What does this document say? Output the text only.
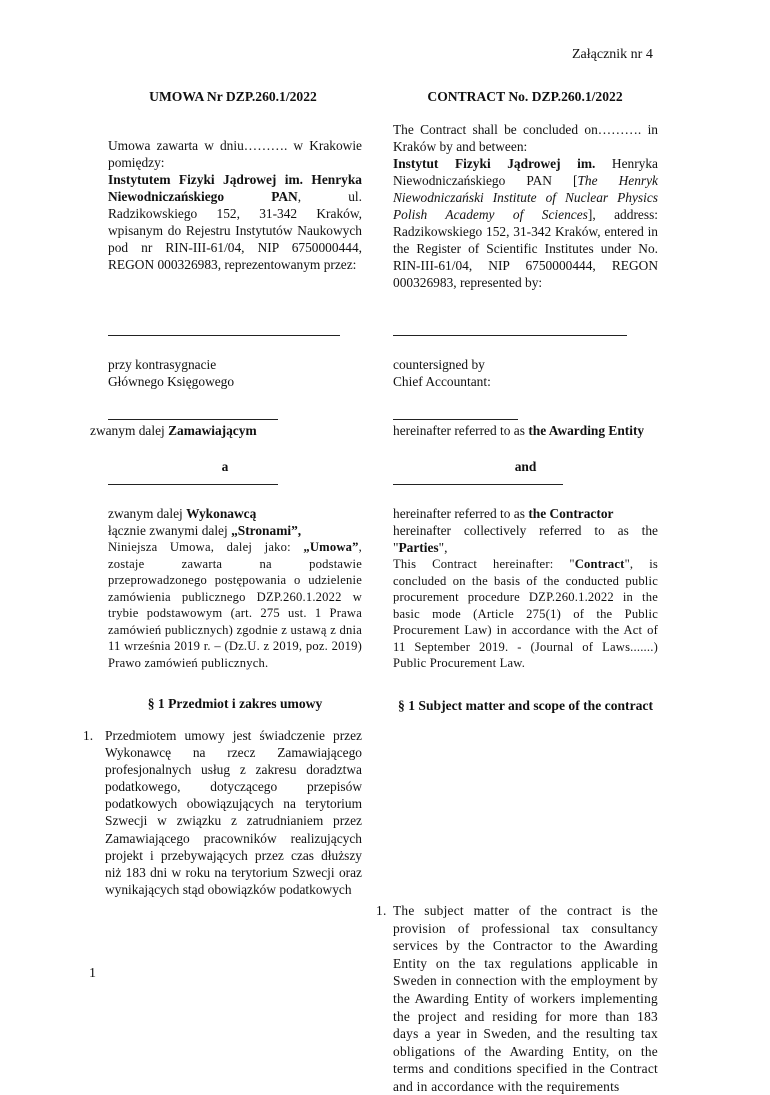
Załącznik nr 4
UMOWA Nr DZP.260.1/2022
Umowa zawarta w dniu………. w Krakowie pomiędzy:
Instytutem Fizyki Jądrowej im. Henryka Niewodniczańskiego PAN, ul. Radzikowskiego 152, 31-342 Kraków, wpisanym do Rejestru Instytutów Naukowych pod nr RIN-III-61/04, NIP 6750000444, REGON 000326983, reprezentowanym przez:
przy kontrasygnacie
Głównego Księgowego
zwanym dalej Zamawiającym
a
zwanym dalej Wykonawcą
łącznie zwanymi dalej „Stronami”,
Niniejsza Umowa, dalej jako: „Umowa”, zostaje zawarta na podstawie przeprowadzonego postępowania o udzielenie zamówienia publicznego DZP.260.1.2022 w trybie podstawowym (art. 275 ust. 1 Prawa zamówień publicznych) zgodnie z ustawą z dnia 11 września 2019 r. – (Dz.U. z 2019, poz. 2019) Prawo zamówień publicznych.
§ 1 Przedmiot i zakres umowy
1. Przedmiotem umowy jest świadczenie przez Wykonawcę na rzecz Zamawiającego profesjonalnych usług z zakresu doradztwa podatkowego, dotyczącego przepisów podatkowych obowiązujących na terytorium Szwecji w związku z zatrudnianiem przez Zamawiającego pracowników realizujących projekt i przebywających przez czas dłuższy niż 183 dni w roku na terytorium Szwecji oraz wynikających stąd obowiązków podatkowych
CONTRACT No. DZP.260.1/2022
The Contract shall be concluded on………. in Kraków by and between:
Instytut Fizyki Jądrowej im. Henryka Niewodniczańskiego PAN [The Henryk Niewodniczański Institute of Nuclear Physics Polish Academy of Sciences], address: Radzikowskiego 152, 31-342 Kraków, entered in the Register of Scientific Institutes under No. RIN-III-61/04, NIP 6750000444, REGON 000326983, represented by:
countersigned by
Chief Accountant:
hereinafter referred to as the Awarding Entity
and
hereinafter referred to as the Contractor
hereinafter collectively referred to as the "Parties",
This Contract hereinafter: "Contract", is concluded on the basis of the conducted public procurement procedure DZP.260.1.2022 in the basic mode (Article 275(1) of the Public Procurement Law) in accordance with the Act of 11 September 2019. - (Journal of Laws.......) Public Procurement Law.
§ 1 Subject matter and scope of the contract
1. The subject matter of the contract is the provision of professional tax consultancy services by the Contractor to the Awarding Entity on the tax regulations applicable in Sweden in connection with the employment by the Awarding Entity of workers implementing the project and residing for more than 183 days a year in Sweden, and the resulting tax obligations of the Awarding Entity, on the terms and conditions specified in the Contract and in accordance with the requirements
1
